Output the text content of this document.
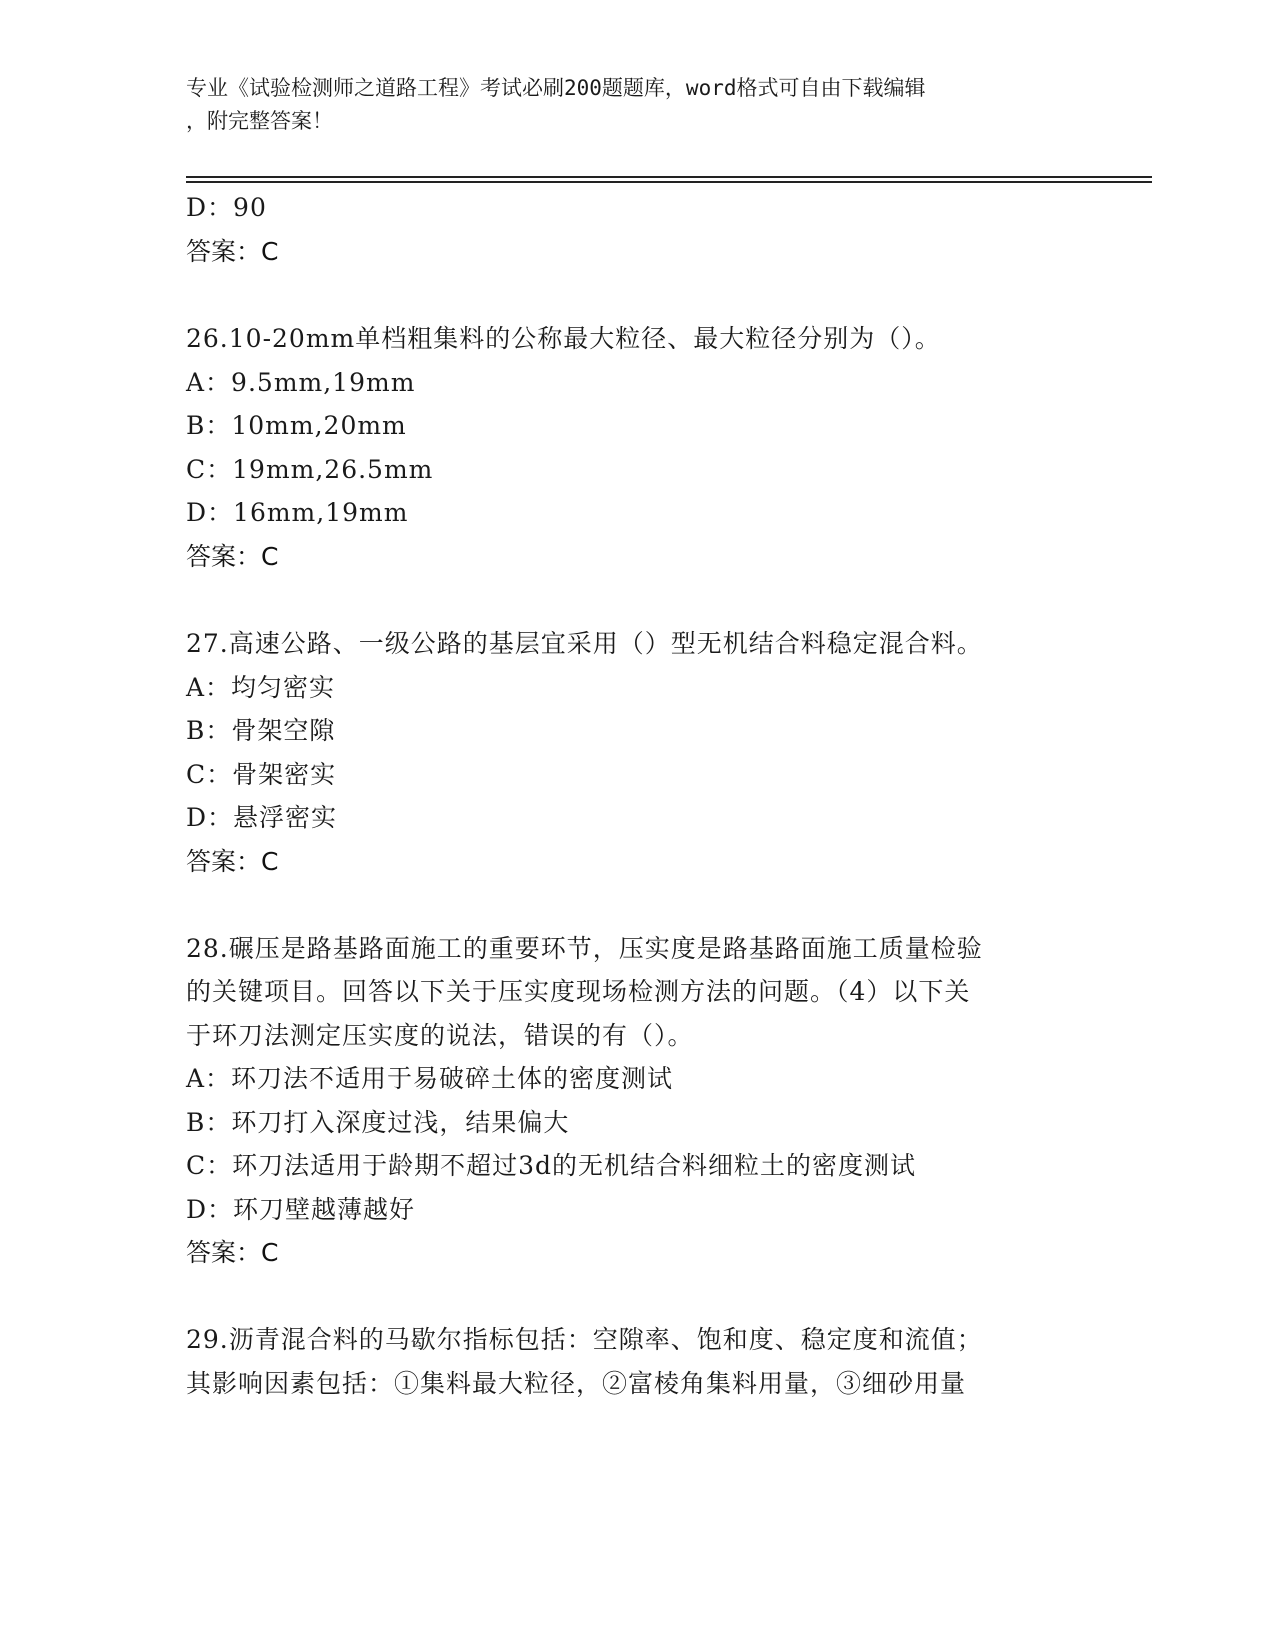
专业《试验检测师之道路工程》考试必刷200题题库，word格式可自由下载编辑
，附完整答案！
D：90
答案：C
26.10-20mm单档粗集料的公称最大粒径、最大粒径分别为（）。
A：9.5mm,19mm
B：10mm,20mm
C：19mm,26.5mm
D：16mm,19mm
答案：C
27.高速公路、一级公路的基层宜采用（）型无机结合料稳定混合料。
A：均匀密实
B：骨架空隙
C：骨架密实
D：悬浮密实
答案：C
28.碾压是路基路面施工的重要环节，压实度是路基路面施工质量检验
的关键项目。回答以下关于压实度现场检测方法的问题。（4）以下关
于环刀法测定压实度的说法，错误的有（）。
A：环刀法不适用于易破碎土体的密度测试
B：环刀打入深度过浅，结果偏大
C：环刀法适用于龄期不超过3d的无机结合料细粒土的密度测试
D：环刀壁越薄越好
答案：C
29.沥青混合料的马歇尔指标包括：空隙率、饱和度、稳定度和流值；
其影响因素包括：①集料最大粒径，②富棱角集料用量，③细砂用量
